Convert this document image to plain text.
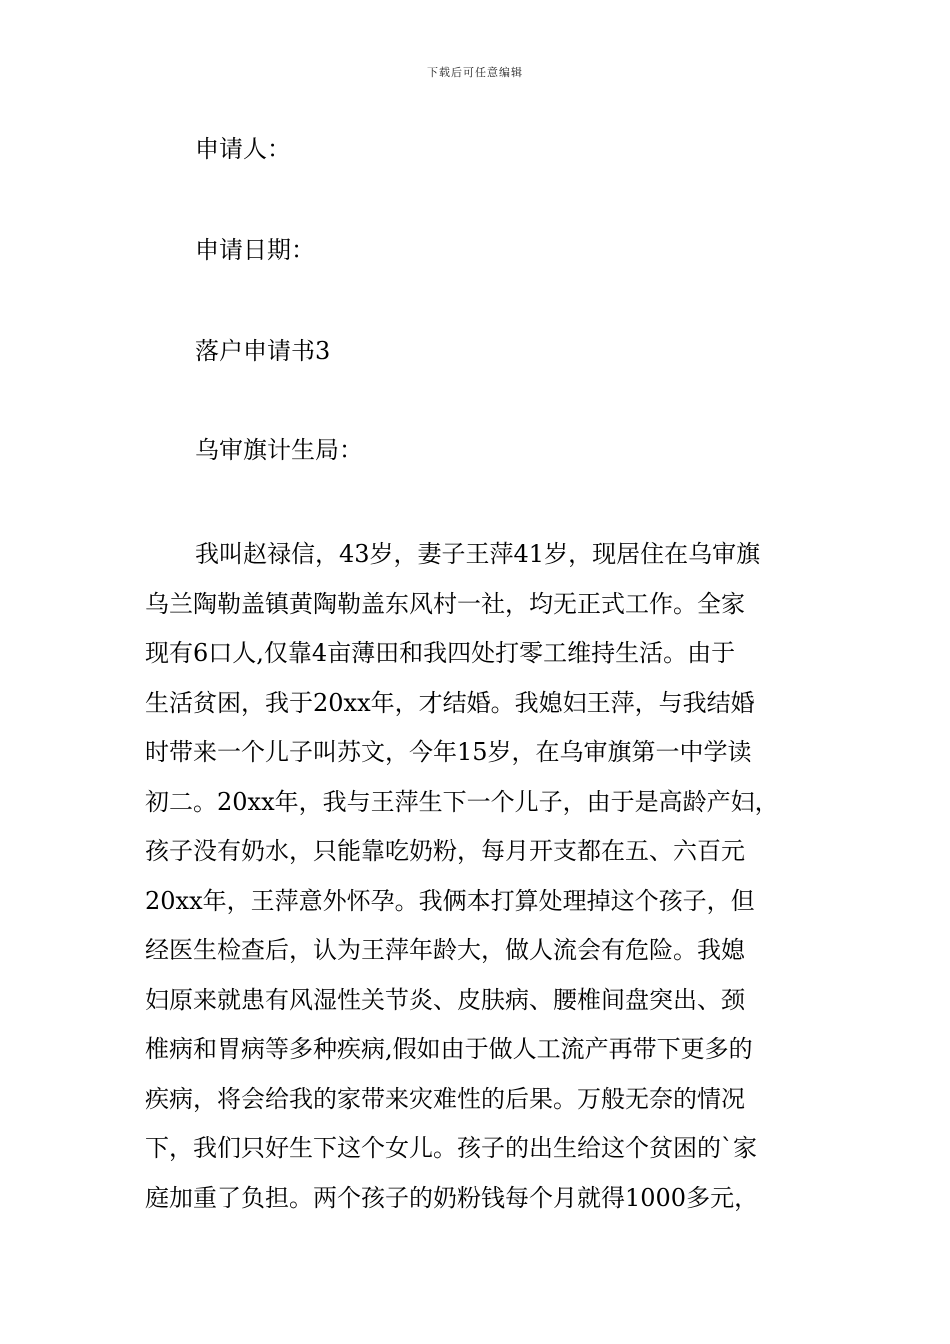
下载后可任意编辑
申请人：
申请日期：
落户申请书3
乌审旗计生局：
我叫赵禄信，43岁，妻子王萍41岁，现居住在乌审旗
乌兰陶勒盖镇黄陶勒盖东风村一社，均无正式工作。全家
现有6口人,仅靠4亩薄田和我四处打零工维持生活。由于
生活贫困，我于20xx年，才结婚。我媳妇王萍，与我结婚
时带来一个儿子叫苏文，今年15岁，在乌审旗第一中学读
初二。20xx年，我与王萍生下一个儿子，由于是高龄产妇，
孩子没有奶水，只能靠吃奶粉，每月开支都在五、六百元
20xx年，王萍意外怀孕。我俩本打算处理掉这个孩子，但
经医生检查后，认为王萍年龄大，做人流会有危险。我媳
妇原来就患有风湿性关节炎、皮肤病、腰椎间盘突出、颈
椎病和胃病等多种疾病,假如由于做人工流产再带下更多的
疾病，将会给我的家带来灾难性的后果。万般无奈的情况
下，我们只好生下这个女儿。孩子的出生给这个贫困的`家
庭加重了负担。两个孩子的奶粉钱每个月就得1000多元，
